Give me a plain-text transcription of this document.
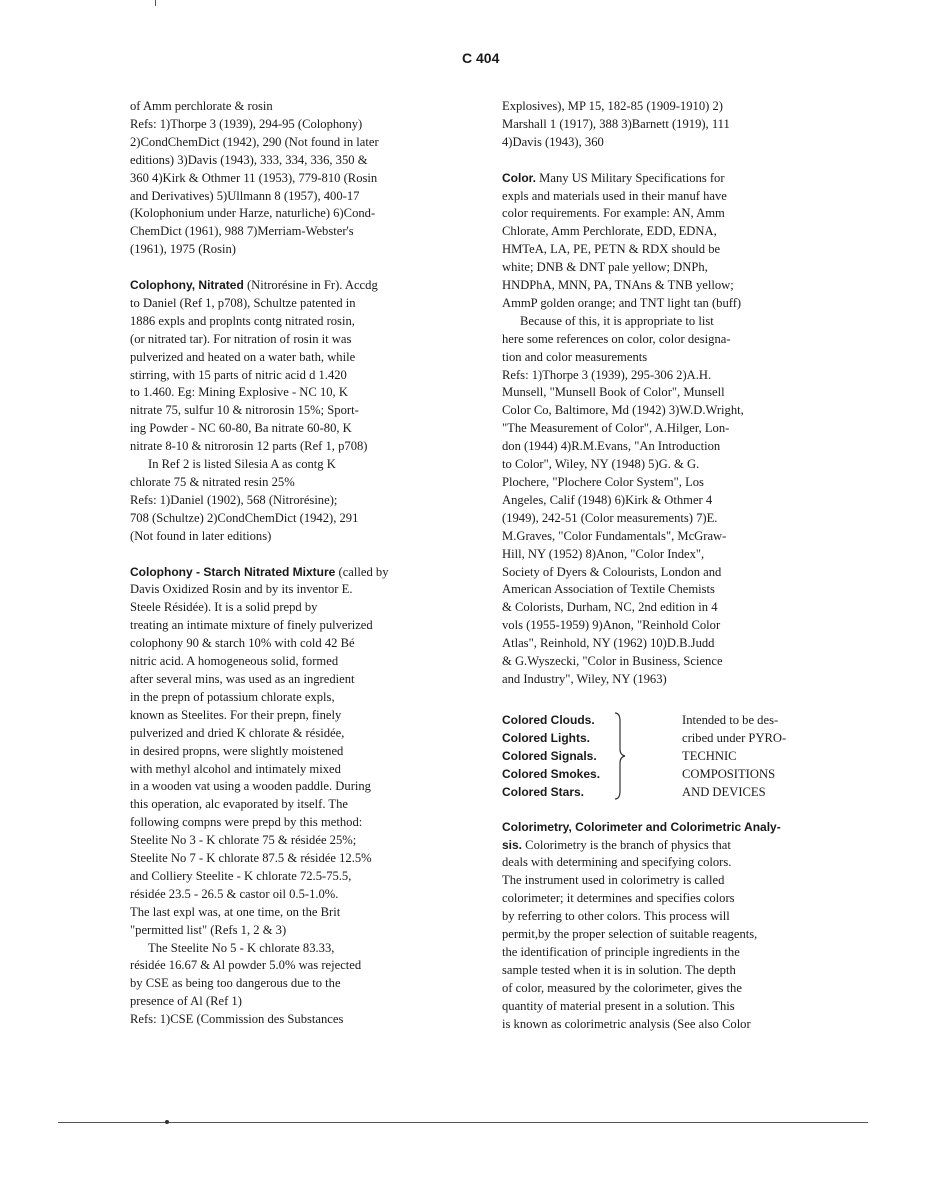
C 404
of Amm perchlorate & rosin
Refs: 1)Thorpe 3 (1939), 294-95 (Colophony)
2)CondChemDict (1942), 290 (Not found in later
editions) 3)Davis (1943), 333, 334, 336, 350 &
360 4)Kirk & Othmer 11 (1953), 779-810 (Rosin
and Derivatives) 5)Ullmann 8 (1957), 400-17
(Kolophonium under Harze, naturliche) 6)Cond-
ChemDict (1961), 988 7)Merriam-Webster's
(1961), 1975 (Rosin)
Colophony, Nitrated (Nitrorésine in Fr). Accdg
to Daniel (Ref 1, p708), Schultze patented in
1886 expls and proplnts contg nitrated rosin,
(or nitrated tar). For nitration of rosin it was
pulverized and heated on a water bath, while
stirring, with 15 parts of nitric acid d 1.420
to 1.460. Eg: Mining Explosive - NC 10, K
nitrate 75, sulfur 10 & nitrorosin 15%; Sport-
ing Powder - NC 60-80, Ba nitrate 60-80, K
nitrate 8-10 & nitrorosin 12 parts (Ref 1, p708)
In Ref 2 is listed Silesia A as contg K
chlorate 75 & nitrated resin 25%
Refs: 1)Daniel (1902), 568 (Nitrorésine);
708 (Schultze) 2)CondChemDict (1942), 291
(Not found in later editions)
Colophony - Starch Nitrated Mixture (called by
Davis Oxidized Rosin and by its inventor E.
Steele Résidée). It is a solid prepd by
treating an intimate mixture of finely pulverized
colophony 90 & starch 10% with cold 42 Bé
nitric acid. A homogeneous solid, formed
after several mins, was used as an ingredient
in the prepn of potassium chlorate expls,
known as Steelites. For their prepn, finely
pulverized and dried K chlorate & résidée,
in desired propns, were slightly moistened
with methyl alcohol and intimately mixed
in a wooden vat using a wooden paddle. During
this operation, alc evaporated by itself. The
following compns were prepd by this method:
Steelite No 3 - K chlorate 75 & résidée 25%;
Steelite No 7 - K chlorate 87.5 & résidée 12.5%
and Colliery Steelite - K chlorate 72.5-75.5,
résidée 23.5 - 26.5 & castor oil 0.5-1.0%.
The last expl was, at one time, on the Brit
"permitted list" (Refs 1, 2 & 3)
The Steelite No 5 - K chlorate 83.33,
résidée 16.67 & Al powder 5.0% was rejected
by CSE as being too dangerous due to the
presence of Al (Ref 1)
Refs: 1)CSE (Commission des Substances
Explosives), MP 15, 182-85 (1909-1910) 2)
Marshall 1 (1917), 388 3)Barnett (1919), 111
4)Davis (1943), 360
Color. Many US Military Specifications for
expls and materials used in their manuf have
color requirements. For example: AN, Amm
Chlorate, Amm Perchlorate, EDD, EDNA,
HMTeA, LA, PE, PETN & RDX should be
white; DNB & DNT pale yellow; DNPh,
HNDPhA, MNN, PA, TNAns & TNB yellow;
AmmP golden orange; and TNT light tan (buff)
Because of this, it is appropriate to list
here some references on color, color designa-
tion and color measurements
Refs: 1)Thorpe 3 (1939), 295-306 2)A.H.
Munsell, "Munsell Book of Color", Munsell
Color Co, Baltimore, Md (1942) 3)W.D.Wright,
"The Measurement of Color", A.Hilger, Lon-
don (1944) 4)R.M.Evans, "An Introduction
to Color", Wiley, NY (1948) 5)G. & G.
Plochere, "Plochere Color System", Los
Angeles, Calif (1948) 6)Kirk & Othmer 4
(1949), 242-51 (Color measurements) 7)E.
M.Graves, "Color Fundamentals", McGraw-
Hill, NY (1952) 8)Anon, "Color Index",
Society of Dyers & Colourists, London and
American Association of Textile Chemists
& Colorists, Durham, NC, 2nd edition in 4
vols (1955-1959) 9)Anon, "Reinhold Color
Atlas", Reinhold, NY (1962) 10)D.B.Judd
& G.Wyszecki, "Color in Business, Science
and Industry", Wiley, NY (1963)
Colored Clouds.
Colored Lights.
Colored Signals.
Colored Smokes.
Colored Stars.
Intended to be des-
cribed under PYRO-
TECHNIC COMPOSITIONS
AND DEVICES
Colorimetry, Colorimeter and Colorimetric Analy-
sis. Colorimetry is the branch of physics that
deals with determining and specifying colors.
The instrument used in colorimetry is called
colorimeter; it determines and specifies colors
by referring to other colors. This process will
permit,by the proper selection of suitable reagents,
the identification of principle ingredients in the
sample tested when it is in solution. The depth
of color, measured by the colorimeter, gives the
quantity of material present in a solution. This
is known as colorimetric analysis (See also Color
